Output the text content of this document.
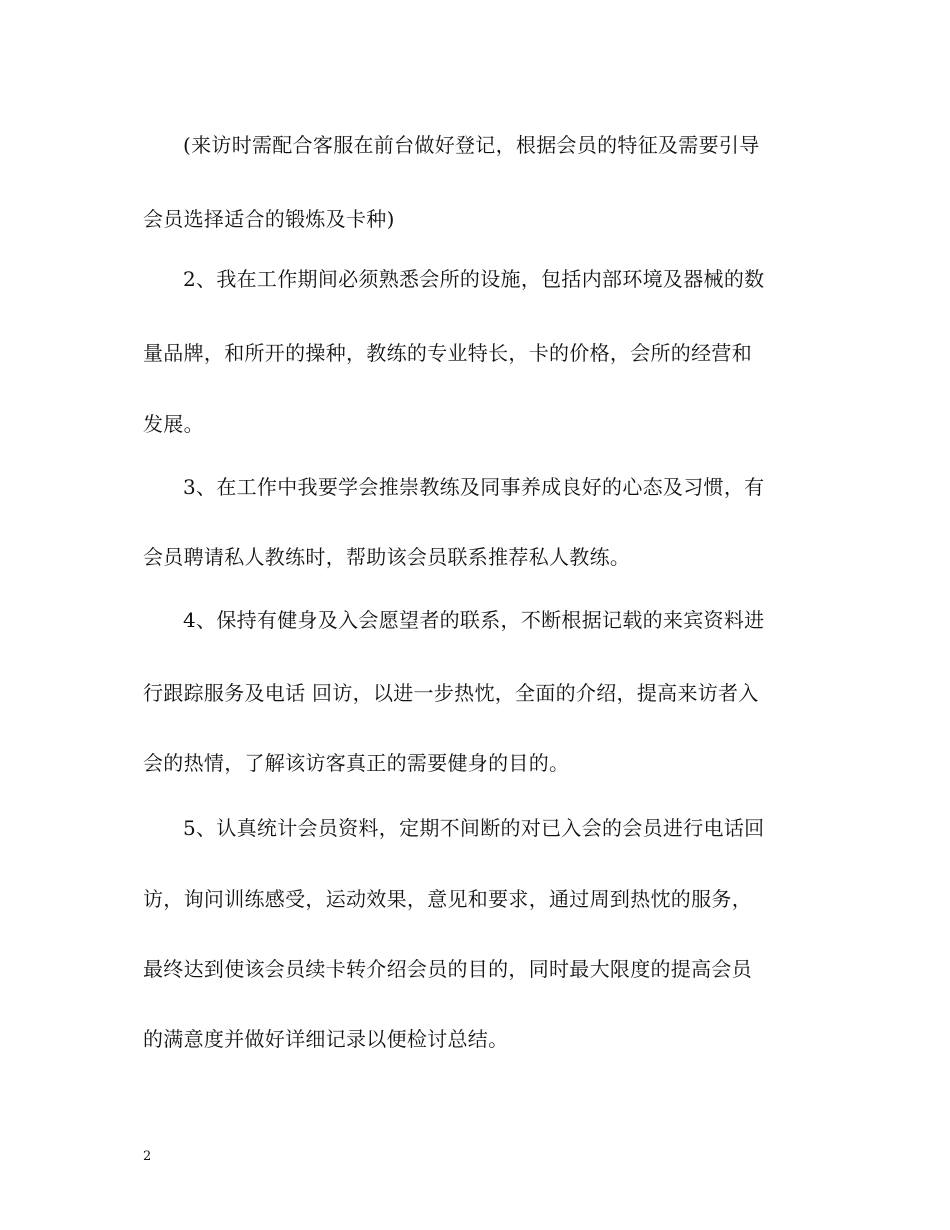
(来访时需配合客服在前台做好登记，根据会员的特征及需要引导
会员选择适合的锻炼及卡种)
2、我在工作期间必须熟悉会所的设施，包括内部环境及器械的数
量品牌，和所开的操种，教练的专业特长，卡的价格，会所的经营和
发展。
3、在工作中我要学会推崇教练及同事养成良好的心态及习惯，有
会员聘请私人教练时，帮助该会员联系推荐私人教练。
4、保持有健身及入会愿望者的联系，不断根据记载的来宾资料进
行跟踪服务及电话 回访，以进一步热忱，全面的介绍，提高来访者入
会的热情，了解该访客真正的需要健身的目的。
5、认真统计会员资料，定期不间断的对已入会的会员进行电话回
访，询问训练感受，运动效果，意见和要求，通过周到热忱的服务，
最终达到使该会员续卡转介绍会员的目的，同时最大限度的提高会员
的满意度并做好详细记录以便检讨总结。
2
